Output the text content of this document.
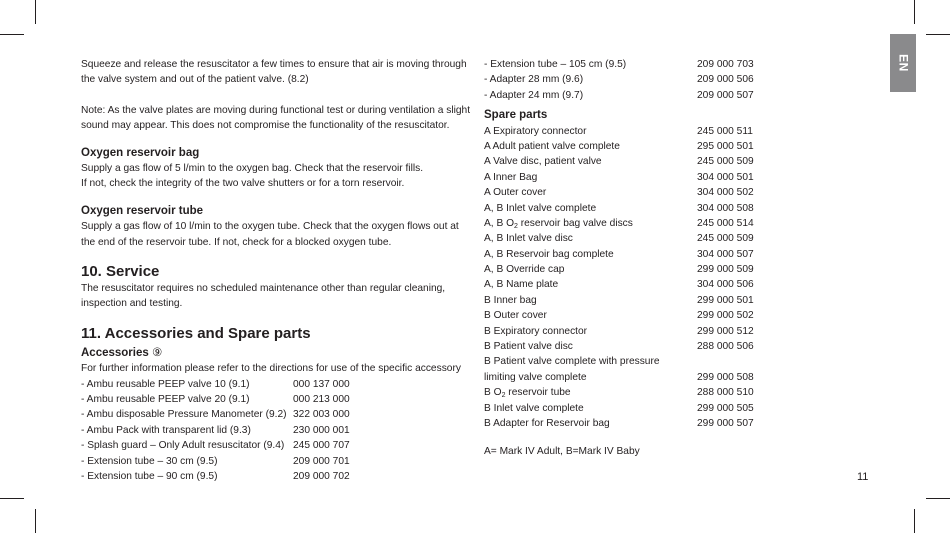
EN

Squeeze and release the resuscitator a few times to ensure that air is moving through the valve system and out of the patient valve. (8.2)

Note: As the valve plates are moving during functional test or during ventilation a slight sound may appear. This does not compromise the functionality of the resuscitator.

Oxygen reservoir bag

Supply a gas flow of 5 l/min to the oxygen bag. Check that the reservoir fills.

If not, check the integrity of the two valve shutters or for a torn reservoir.

Oxygen reservoir tube

Supply a gas flow of 10 l/min to the oxygen tube. Check that the oxygen flows out at the end of the reservoir tube. If not, check for a blocked oxygen tube.

10. Service

The resuscitator requires no scheduled maintenance other than regular cleaning, inspection and testing.

11. Accessories and Spare parts

Accessories ⑨

For further information please refer to the directions for use of the specific accessory

- Ambu reusable PEEP valve 10 (9.1)	000 137 000
- Ambu reusable PEEP valve 20 (9.1)	000 213 000
- Ambu disposable Pressure Manometer (9.2) 322 003 000
- Ambu Pack with transparent lid (9.3)	230 000 001
- Splash guard – Only Adult resuscitator (9.4) 245 000 707
- Extension tube – 30 cm (9.5)	209 000 701
- Extension tube – 90 cm (9.5)	209 000 702
- Extension tube – 105 cm (9.5)	209 000 703
- Adapter 28 mm (9.6)	209 000 506
- Adapter 24 mm (9.7)	209 000 507

Spare parts

A Expiratory connector	245 000 511
A Adult patient valve complete	295 000 501
A Valve disc, patient valve	245 000 509
A Inner Bag	304 000 501
A Outer cover	304 000 502
A, B Inlet valve complete	304 000 508
A, B $O_2$ reservoir bag valve discs	245 000 514
A, B Inlet valve disc	245 000 509
A, B Reservoir bag complete	304 000 507
A, B Override cap	299 000 509
A, B Name plate	304 000 506
B Inner bag	299 000 501
B Outer cover	299 000 502
B Expiratory connector	299 000 512
B Patient valve disc	288 000 506
B Patient valve complete with pressure
limiting valve complete	299 000 508
B $O_2$ reservoir tube	288 000 510
B Inlet valve complete	299 000 505
B Adapter for Reservoir bag	299 000 507

A= Mark IV Adult, B=Mark IV Baby

11
